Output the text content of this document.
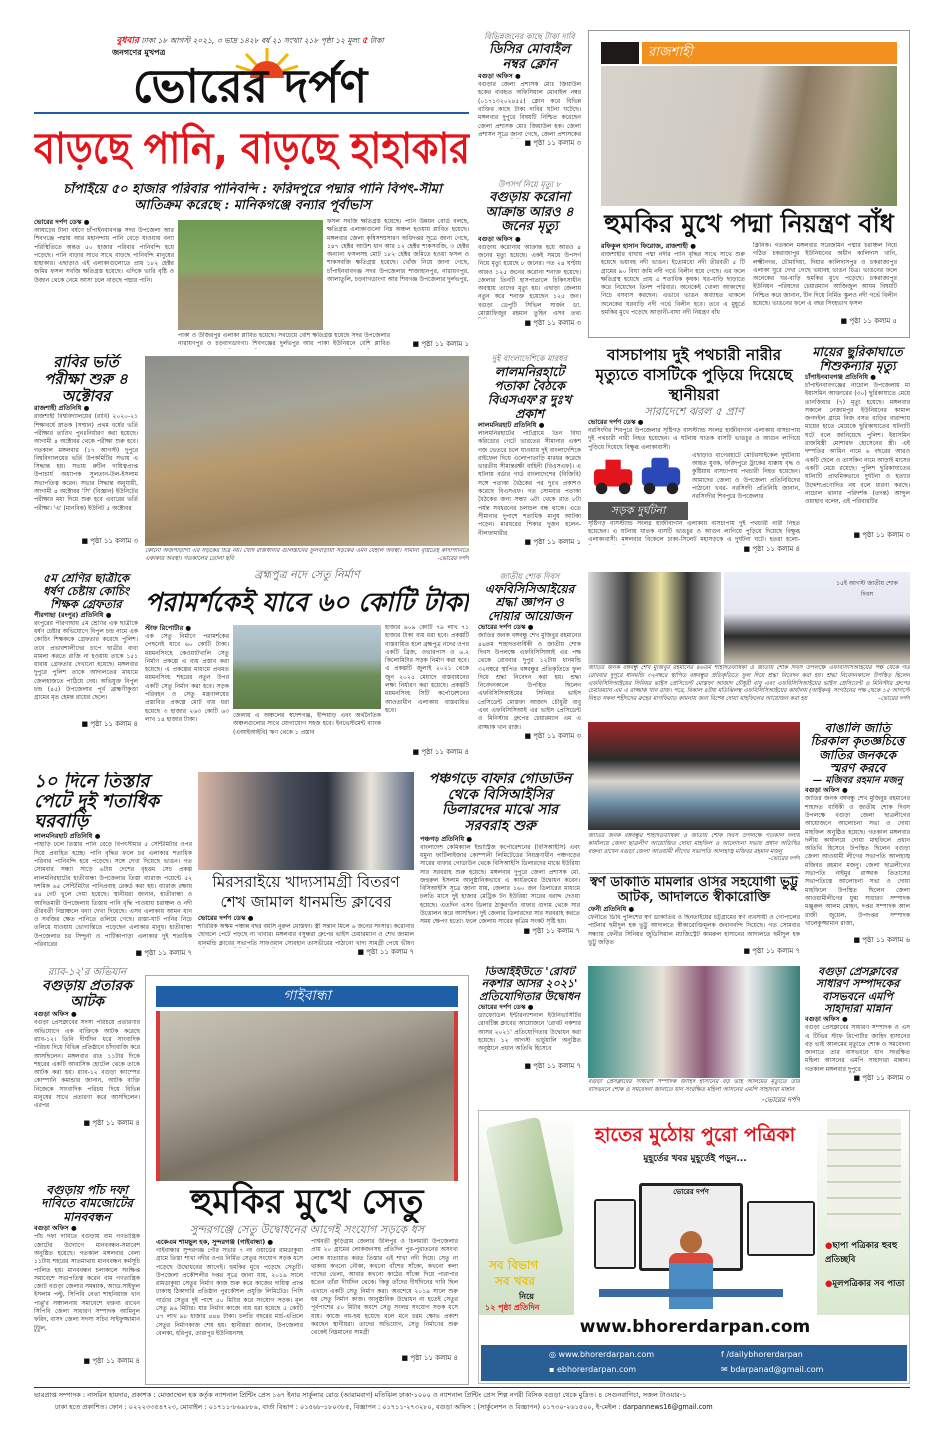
বুধবার ঢাকা ১৮ আগস্ট ২০২১, ৩ ভাদ্র ১৪২৮ বর্ষ ২১ সংখ্যা ২১৮ পৃষ্ঠা ১২ মূল্য ৫ টাকা
জনগণের মুখপত্র
ভোরের দর্পণ
বাড়ছে পানি, বাড়ছে হাহাকার
চাঁপাইয়ে ৫০ হাজার পরিবার পানিবন্দি : ফরিদপুরে পদ্মার পানি বিপৎ-সীমা আতিক্রম করেছে : মানিকগঞ্জে বন্যার পূর্বাভাস
ভোরের দর্পণ ডেস্ক ●
আষাঢ়ের টানা বর্ষণে চাঁপাইনবাবগঞ্জ সদর উপজেলা আর শিবগঞ্জে পদ্মায় আর মহানন্দায় পানি বেড়ে যাওয়ায় বন্যা পরিস্থিতিতে অন্তত ৫০ হাজার পরিবার পানিবন্দি হয়ে পড়েছে। পানি বাড়ার সাথে সাথে বাড়ছে পানিবন্দি মানুষের হাহাকার। এছাড়াও এই এলাকাগুলোতে প্রায় ১৮২ হেক্টর জমির ফসল সবজি ক্ষতিগ্রস্ত হয়েছে। এদিকে ভারি বৃষ্টি ও উজান থেকে নেমে আসা ঢলে বাড়ছে পদ্মার পানি।
ফসল সবজি ক্ষতিগ্রস্ত হয়েছে। পানি উন্নয়ন বোর্ড বলছে, ক্ষতিগ্রস্ত এলাকাগুলো নিম্ন অঞ্চল হওয়ায় প্লাবিত হয়েছে। মঙ্গলবার জেলা কৃষিসম্প্রসারণ অধিদপ্তর সূত্রে জানা গেছে, ১৪৭ হেক্টর আউশ ধান আর ১২ হেক্টর শাকসবজি, ৩ হেক্টর অন্যান্য ফসলসহ মোট ১৮২ হেক্টর জমিতে হওয়া ফসল ও শাকসবজি ক্ষতিগ্রস্ত হয়েছে। খোঁজ নিয়ে জানা গেছে, চাঁপাইনবাবগঞ্জ সদর উপজেলার শাজাহানপুর, নারায়ণপুর, আলাতুলি, চড়বাগডাংগা আর শিবগঞ্জ উপজেলার দুর্লভপুর,
পাকা ও উজিরপুর এলাকা প্লাবিত হয়েছে। সবচেয়ে বেশি ক্ষতিগ্রস্ত হয়েছে সদর উপজেলার নারায়ণপুর ও চড়বাগডাংগা। শিবগঞ্জের দুর্লভপুর আর পাকা ইউনিয়নে বেশি প্লাবিত	■ পৃষ্ঠা ১১ কলাম ১
রাবির ভর্তি পরীক্ষা শুরু ৪ অক্টোবর
রাজশাহী প্রতিনিধি ●
রাজশাহী বিশ্ববিদ্যালয়ের (রাবি) ২০২০-২১ শিক্ষাবর্ষে স্নাতক (সম্মান) প্রথম বর্ষের ভর্তি পরীক্ষার তারিখ পুনঃনির্ধারণ করা হয়েছে। আগামী ৪ অক্টোবর থেকে পরীক্ষা শুরু হবে। গতকাল মঙ্গলবার (১৭ আগস্ট) দুপুরে বিশ্ববিদ্যালয়ের ভর্তি উপকমিটির সভায় এ সিদ্ধান্ত হয়। সভায় রুটিন দায়িত্বপ্রাপ্ত উপাচার্য অধ্যাপক সুলতান-উল-ইসলাম সভাপতিত্ব করেন। সভার সিদ্ধান্ত অনুযায়ী, আগামী ৪ অক্টোবর 'সি' (বিজ্ঞান) ইউনিটের পরীক্ষার মধ্য দিয়ে শুরু হবে এবারের ভর্তি পরীক্ষা। 'এ' (মানবিক) ইউনিট ৫ অক্টোবর
■ পৃষ্ঠা ১১ কলাম ৩
কোনো অজপাড়াগাঁ এঁর সড়কের চিত্র নয়। খোদ রাজধানীর গুলিস্তানের ফুলবাড়ীয়া সড়কের এমন বেহাল অবস্থা। সামান্য বৃষ্টিতেই কাদাপানিতে একাকার অবস্থা। গতকালের তোলা ছবি	-ভোরের দর্পণ
৫ম শ্রেণির ছাত্রীকে ধর্ষণ চেষ্টায় কোচিং শিক্ষক গ্রেফতার
পীরগাছা (রংপুর) প্রতিনিধি ●
রংপুরের পীরগাছায় ৫ম শ্রেণির এক ছাত্রীকে ধর্ষণ চেষ্টার অভিযোগে বিপুল চন্দ্র নামে এক কোচিং শিক্ষককে গ্রেফতার করেছে পুলিশ। তবে প্রভাবশালীদের চাপে ছাত্রীর বাবা মামলা করতে রাজি না হওয়ায় তাকে ১৫১ ধারায় গ্রেফতার দেখানো হয়েছে। মঙ্গলবার দুপুরে পুলিশ তাকে আদালতের মাধ্যমে জেলহাজতে পাঠিয়ে দেয়। অভিযুক্ত বিপুল চন্দ্র (৪৫) উপজেলার পূর্ব ব্রাহ্মণীকুণ্ডা গ্রামের মৃত হেমন্ত রায়ের ছেলে।
■ পৃষ্ঠা ১১ কলাম ৪
ব্রহ্মপুত্র নদে সেতু নির্মাণ
পরামর্শকেই যাবে ৬০ কোটি টাকা
স্টাফ রিপোর্টার ●
এক সেতু নির্মাণে পরামর্শকের পেছনেই যাবে ৬০ কোটি টাকা। ময়মনসিংহে কেওয়াটখালি সেতু নির্মাণ প্রকল্পে এ ব্যয় প্রস্তাব করা হয়েছে। এ প্রকল্পের মাধ্যমে প্রথমত ময়মনসিংহ শহরের নতুন উপর একটি সেতু নির্মাণ করা হবে। সড়ক পরিবহন ও সেতু মন্ত্রণালয়ের প্রস্তাবিত প্রকল্পে মোট ব্যয় ধরা হয়েছে ৩ হাজার ২৬৩ কোটি ৬৩ লাখ ১৪ হাজার টাকা।
জেলায় এ অঞ্চলের স্বদেশগঞ্জ, ইন্দিয়াড় এবং অর্থনৈতিক অঞ্চলগুলোর সাথে যোগাযোগ সহজ হবে। ইনভেস্টমেন্ট ব্যাংক (এআইআইবি) ঋণ থেকে ১ প্রস্তাব
হাজার ৯০৯ কোটি ৭৯ লাখ ৭১ হাজার টাকা ব্যয় ধরা হবে। প্রকল্পটি বাস্তবায়িত হলে ব্রহ্মপুত্র নদের ওপর একটি ব্রিজ, ওভারপাস ও ৬.২ কিলোমিটার সড়ক নির্মাণ করা হবে। এ প্রকল্পটি জুলাই ২০২১ থেকে জুন ২০২৫ মেয়াদে বাস্তবায়নের লক্ষ্য নির্ধারণ করা হয়েছে। প্রকল্পটি ময়মনসিংহ সিটি কর্পোরেশনের আওতাধীন এলাকায় বাস্তবায়িত হবে।
■ পৃষ্ঠা ১১ কলাম ৪
১০ দিনে তিস্তার পেটে দুই শতাধিক ঘরবাড়ি
লালমনিরহাট প্রতিনিধি ●
পাহাড়ি ঢলে তিস্তার পানি বেড়ে বিপৎসীমার ৫ সেন্টিমিটার ওপর দিয়ে প্রবাহিত হচ্ছে। পানি বৃদ্ধির ফলে চর এলাকার শতাধিক পরিবার পানিবন্দি হয়ে পড়েছে। সঙ্গে দেখা দিয়েছে ভাঙন। গত সোমবার সন্ধ্যা সাড়ে ৬টায় দেশের বৃহত্তম সেচ প্রকল্প লালমনিরহাটের হাতীবান্ধা উপজেলার তিস্তা ব্যারাজ পয়েন্টে ৫২ দশমিক ৬৫ সেন্টিমিটার পানিপ্রবাহ রেকর্ড করা হয়। ব্যারাজ রক্ষায় ৪৪ গেট খুলে দেয়া হয়েছে। স্থানীয়রা জানান, হাতীবান্ধা ও আদিতমারী উপজেলায় তিস্তায় পানি বৃদ্ধি পাওয়ায় চরাঞ্চল ও নদী তীরবর্তী নিম্নাঞ্চলে বন্যা দেখা দিয়েছে। এসব এলাকায় আমন ধান ও সবজির ক্ষেত পানিতে তলিয়ে গেছে। রাস্তা-ঘাট পানির নিচে তলিয়ে যাওয়ায় ভোগান্তিতে পড়েছেন এলাকার মানুষ। হাতীবান্ধা উপজেলার চর সিন্দুর্না ও পাটিকাপাড়া এলাকার দুই শতাধিক পরিবারের
■ পৃষ্ঠা ১১ কলাম ৭
মিরসরাইয়ে খাদ্যসামগ্রী বিতরণ শেখ জামাল ধানমন্ডি ক্লাবের
ভোরের দর্পণ ডেস্ক ●
শারিরিক অক্ষম পঞ্চান্ন বছর বয়সি নুরুল মোস্তফা। স্ত্রী সন্তান মিলে ৬ জনের সংসার। করোনার ছোবলে পেটে পড়ছে না খাবার। মঙ্গলবার বসুন্ধরা গ্রুপের ভাইস চেয়ারম্যান ও শেখ জামাল ধানমন্ডি ক্লাবের সভাপতি সাফওয়ান সোবহান তাসভীরের পাঠানো খাদ্য সামগ্রী পেয়ে ভীষণ
■ পৃষ্ঠা ১১ কলাম ৭
পঞ্চগড়ে বাফার গোডাউন থেকে বিসিআইসির ডিলারদের মাঝে সার সরবরাহ শুরু
পঞ্চগড় প্রতিনিধি ●
বাংলাদেশ কেমিক্যাল ইন্ডাস্ট্রিজ কর্পোরেশনের (বিসিআইসি) এবং যমুনা ফার্টিলাইজার কোম্পানী লিমিটেডের নিয়ন্ত্রণাধীন পঞ্চগড়ের সারের বাফার গোডাউন থেকে বিসিআইসি ডিলারদের মাঝে ইউরিয়া সার সরবরাহ শুরু হয়েছে। মঙ্গলবার দুপুরে জেলা প্রশাসক মো. জহুরুল ইসলাম আনুষ্ঠানিকভাবে এ কার্যক্রমের উদ্বোধন করেন। বিসিআইসি সূত্রে জানা যায়, জেলার ১৬০ জন ডিলারের মাধ্যমে চলতি মাসে দুই হাজার মেট্রিক টন ইউরিয়া সারের বরাদ্দ দেওয়া হয়েছে। এতদিন এসব ডিলার ঠাকুরগাঁও বাফার গুদাম থেকে সার উত্তোলন করে আসছিল। দুই জেলার ডিলারদের সার সরবরাহ করতে সময় ক্ষেপণ হতো। ফলে জেলায় সারের কৃত্রিম সংকট সৃষ্টি হয়।
■ পৃষ্ঠা ১১ কলাম ৭
র‌্যাব-১২'র অভিযান
বগুড়ায় প্রতারক আটক
বগুড়া অফিস ●
বগুড়া প্রেসক্লাবের সদস্য পরিচয়ে প্রতারণার অভিযোগে এক ব্যক্তিকে আটক করেছে র‌্যাব-১২। তিনি দীর্ঘদিন ধরে সাংবাদিক পরিচয় দিয়ে বিভিন্ন প্রতিষ্ঠানে চাঁদাবাজি করে আসছিলেন। মঙ্গলবার রাত ১১টার দিকে শহরের একটি আবাসিক হোটেল থেকে তাকে আটক করা হয়। র‌্যাব-১২ বগুড়া ক্যাম্পের কোম্পানি কমান্ডার জানান, আটক ব্যক্তি নিজেকে সাংবাদিক পরিচয় দিয়ে বিভিন্ন মানুষের সাথে প্রতারণা করে আসছিলেন। এরপর
■ পৃষ্ঠা ১১ কলাম ৪
বগুড়ায় পাঁচ দফা দাবিতে বামজোটের মানববন্ধন
বগুড়া অফিস ●
পাঁচ দফা দাবিতে বগুড়ায় বাম গণতান্ত্রিক জোটের উদ্যোগে মানববন্ধন-সমাবেশ অনুষ্ঠিত হয়েছে। গতকাল মঙ্গলবার বেলা ১১টায় শহরের সাতমাথায় মানববন্ধন কর্মসূচি পালিত হয়। মানববন্ধন চলাকালে সংক্ষিপ্ত সমাবেশে সভাপতিত্ব করেন বাম গণতান্ত্রিক জোট বগুড়া জেলার সমন্বয়ক, অ্যাড.সাইফুল ইসলাম পল্টু, সিপিবি নেতা শাহনিয়াজ খান পাপ্পু'র সঞ্চালনায় সমাবেশে বক্তব্য রাখেন সিপিবি জেলা সাধারণ সম্পাদক আমিনুল ফরিদ, বাসদ জেলা সদস্য সচিব সাইফুজ্জামান টুটুল,
■ পৃষ্ঠা ১১ কলাম ৪
গাইবান্ধা
হুমকির মুখে সেতু
সুন্দরগঞ্জে সেতু উদ্বোধনের আগেই সংযোগ সড়কে ধস
একেএম শামছুল হক, সুন্দরগঞ্জ (গাইবান্ধা) ●
গাইবান্ধার সুন্দরগঞ্জ পৌর সভার ৭ নং ওয়ার্ডের রামডাকুয়া গ্রামে তিস্তা শাখা নদীর ওপর নির্মিত সেতুর সংযোগ সড়ক ধসে পড়েছে উদ্বোধনের আগেই। হুমকির মুখে পড়েছে সেতুটি। উপজেলা প্রকৌশলীর দপ্তর সূত্রে জানা যায়, ২০১৯ সালে রামডাকুয়া সেতুর নির্মাণ কাজ শুরু করে কাজের দায়িত্ব প্রাপ্ত ঢাকাস্থ ঠিকাদারি প্রতিষ্ঠান পুরকৌশল প্রযুক্তি লিমিটেড। পিসি গার্ডার সেতুর দুই পাশে ৫০ মিটার করে সংযোগ সড়ক। মূল সেতু ৯৬ মিটার। যার নির্মাণ কাজে ব্যয় ধরা হয়েছে ৫ কোটি ৫৭ লাখ ৯৮ হাজার ৪৪৪ টাকা। চলতি বছরের মার্চ-এপ্রিলে সেতুর নির্মাণকাজ শেষ হয়। স্থানীয়রা জানান, উপজেলার বেলকা, হরিপুর, তারাপুর ইউনিয়নসহ
পার্শ্ববর্তী কুড়িগ্রাম জেলার উলিপুর ও চিলমারী উপজেলার প্রায় ২০ গ্রামের লোকজনসহ প্রতিদিন পুর-পুরাতনের অসংখ্য লোক যাতায়াত করত তিস্তার এই শাখা নদী দিয়ে। সেতু না থাকায় কখনো নৌকা, কখনো বাঁশের সাঁকো, কখনো কলা গাছের ভেলা, আবার কখনো কাঠের সাঁকো দিয়ে পারাপার হতেন তাঁরা দীর্ঘদিন থেকে। কিন্তু তাঁদের দীর্ঘদিনের দাবি ছিল এখানে একটি সেতু নির্মাণ করা। অবশেষে ২০১৯ সালে শুরু হয় সেতু নির্মাণ কাজ। আনুষ্ঠানিক উদ্বোধন না হতেই সেতুর পূর্বপাশের ৫০ মিটার অংশে সেতু সংলগ্ন সংযোগ সড়ক ধসে যায়। কাজে নয়-ছয় হয়েছে বলে মনে চরম ক্ষোভ প্রকাশ করছেন স্থানীয়রা। তাদের অভিযোগ, সেতু নির্মাণের শুরু থেকেই নিম্নমানের সামগ্রী
■ পৃষ্ঠা ১১ কলাম ৪
বিভিন্নজনের কাছে টাকা দাবি
ডিসির মোবাইল নম্বর ক্লোন
বগুড়া অফিস ●
বগুড়ার জেলা প্রশাসক মোঃ জিয়াউল হকের ব্যবহৃত অফিসিয়াল মোবাইল নম্বর (০১৭১৩২০২৪৫৫) ক্লোন করে বিভিন্ন ব্যক্তির কাছে টাকা দাবির ঘটনা ঘটেছে। মঙ্গলবার দুপুরে বিষয়টি নিশ্চিত করেছেন জেলা প্রশাসক মোঃ জিয়াউল হক। জেলা প্রশাসন সূত্রে জানা গেছে, জেলা প্রশাসকের
■ পৃষ্ঠা ১১ কলাম ৩
উপসর্গ নিয়ে মৃত্যু ৮
বগুড়ায় করোনা আক্রান্ত আরও ৪ জনের মৃত্যু
বগুড়া অফিস ●
বগুড়ায় করোনায় আক্রান্ত হয়ে আরও ৪ জনের মৃত্যু হয়েছে। একই সময়ে উপসর্গ নিয়ে মৃত্যু হয়েছে ৮ জনের। গত ২৪ ঘণ্টায় আরও ১২৫ জনের করোনা শনাক্ত হয়েছে। জেলার তিনটি হাসপাতালে চিকিৎসাধীন অবস্থায় তাদের মৃত্যু হয়। এছাড়া জেলায় নতুন করে শনাক্ত হয়েছেন ১২৫ জন। বগুড়া ডেপুটি সিভিল সার্জন ডা. মোস্তাফিজুর রহমান তুহিন এসব তথ্য
■ পৃষ্ঠা ১১ কলাম ৩
দুই বাংলাদেশিকে মারধর
লালমনিরহাটে পতাকা বৈঠকে বিএসএফ'র দুঃখ প্রকাশ
লালমনিরহাট প্রতিনিধি ●
লালমনিরহাটের পাটগ্রামে তিন বিঘা করিডোর গেটে ভারতের সীমানার একশ গজ ভেতরে চলে যাওয়ায় দুই বাংলাদেশিকে রাইফেল দিয়ে এলোপাতাড়ি মারধর করেছে ভারতীয় সীমান্তরক্ষী বাহিনী (বিএসএফ)। এ ঘটনায় বর্ডার গার্ড বাংলাদেশের (বিজিবি) সঙ্গে পতাকা বৈঠকের পর দুঃখ প্রকাশও করেছে বিএসএফ। গত সোমবার পতাকা বৈঠকের জন্য সন্ধ্যা ৬টা থেকে রাত ৮টা পর্যন্ত সবধরনের চলাচল বন্ধ থাকে। এতে সীমানার দুপাশে শতাধিক মানুষ আটকা পড়েন। মারধরের শিকার দুজন হলেন- নীলফামারীর
■ পৃষ্ঠা ১১ কলাম ১
জাতীয় শোক দিবস
এফবিসিসিআইয়ের শ্রদ্ধা জ্ঞাপন ও দোয়ার আয়োজন
ভোরের দর্পণ ডেস্ক ●
জাতির জনক বঙ্গবন্ধু শেখ মুজিবুর রহমানের ৪৬তম শাহাদতবার্ষিকী ও জাতীয় শোক দিবস উপলক্ষে এফবিসিসিআই এর পক্ষ থেকে রোববার দুপুর ১২টায় ধানমন্ডি ৩২নম্বরে স্থাপিত বঙ্গবন্ধুর প্রতিকৃতিতে ফুল দিয়ে শ্রদ্ধা নিবেদন করা হয়। শ্রদ্ধা নিবেদনকালে উপস্থিত ছিলেন এফবিসিসিআইয়ের সিনিয়র ভাইস প্রেসিডেন্ট মোস্তফা আজাদ চৌধুরী বাবু এবং এফবিসিসিআই এর ভাইস প্রেসিডেন্ট ও মিনিস্টার গ্রুপের চেয়ারম্যান এম এ রাজ্জাক খান রাজ।
■ পৃষ্ঠা ১১ কলাম ৩
ডিআইইউতে 'রোবট নকশার আসর ২০২১' প্রতিযোগিতার উদ্বোধন
ভোরের দর্পণ ডেস্ক ●
ড্যাফোডিল ইন্টারন্যাশনাল ইউনিভার্সিটির রোবটিক্স ক্লাবের আয়োজনে 'রোবট নকশার আসর ২০২১' প্রতিযোগিতার উদ্বোধন করা হয়েছে। ১২ আগস্ট ভার্চুয়ালি অনুষ্ঠিত অনুষ্ঠানে প্রধান অতিথি হিসেবে
■ পৃষ্ঠা ১১ কলাম ৭
রাজশাহী
হুমকির মুখে পদ্মা নিয়ন্ত্রণ বাঁধ
রফিকুল হাসান ফিরোজ, রাজশাহী ●
রাজশাহীর বাঘায় পদ্মা নদীর পানি বৃদ্ধির সাথে সাথে শুরু হয়েছে ভয়াবহ নদী ভাঙন। ইতোমধ্যে নদী তীরবর্তী ৫ টি গ্রামের ৯০ বিঘা জমি নদী গর্ভে বিলীন হয়ে গেছে। এর ফলে ক্ষতিগ্রস্থ হয়েছে প্রায় ৫ শতাধিক কৃষক। ঘর-বাড়ি ছাড়াতে করে নিয়েছেন তিনশ পরিবার। অনেকেই খোলা আকাশের নিচে বসবাস করছেন। এভাবে ভাঙন অব্যাহত থাকলে অনেকের ঘরবাড়ি নদী গর্ভে বিলীন হবে। তবে এ মুহূর্তে হুমকির মুখে পড়েছে আড়ানী-বাঘা নদী নিয়ন্ত্রণ বাঁধ
ক্লিনিক। গতকাল মঙ্গলবার সরেজমিন পদ্মার চরাঞ্চল নিয়ে গঠিত চকরাজাপুর ইউনিয়নের অধীন কালিদাস খানি, লক্ষ্মীনগর, চৌমাদিয়া, দিয়ার কালিদাসপুর ও চকরাজাপুর এলাকা ঘুরে দেখা গেছে ভয়াবহ ভাঙন চিত্র। ভাঙনের ফলে অনেকের ঘর-বাড়ি হুমকির মুখে পড়েছে। চকরাজাপুর ইউনিয়ন পরিষদের চেয়ারম্যান আজিজুল আযম বিষয়টি নিশ্চিত করে জানান, টিন দিয়ে নির্মিত স্কুলও নদী গর্ভে বিলীন হয়েছে। ভাঙনের ফলে এ বছর সিংহভাগ ফসল
■ পৃষ্ঠা ১১ কলাম ৫
বাসচাপায় দুই পথচারী নারীর মৃত্যুতে বাসটিকে পুড়িয়ে দিয়েছে স্থানীয়রা
সারাদেশে ঝরল ৫ প্রাণ
ভোরের দর্পণ ডেস্ক ●
নরসিংদীর শিবপুরে উপজেলার সৃষ্টিগড় বাসস্ট্যান্ড সংলগ্ন হাজীবাগান এলাকায় বাসচাপায় দুই পথচারী নারী নিহত হয়েছেন। এ ঘটনায় ঘাতক বাসটি ভাঙচুর ও আগুন লাগিয়ে পুড়িয়ে দিয়েছে বিক্ষুব্ধ এলাকাবাসী।
সড়ক দুর্ঘটনা
এছাড়াও বাগেরহাটে মোটরসাইকেল দুর্ঘটনায় আহত যুবক, ফরিদপুরে ট্রাকের ধাক্কায় বৃদ্ধ ও কুষ্টিয়ায় বাসচাপায় পথচারী নিহত হয়েছেন। আমাদের জেলা ও উপজেলা প্রতিনিধিদের পাঠানো খবর- নরসিংদী প্রতিনিধি জানান, নরসিংদীর শিবপুরে উপজেলার
সৃষ্টিগড় বাসস্ট্যান্ড সংলগ্ন হাজীবাগান এলাকায় বাসচাপায় দুই পথচারী নারী নিহত হয়েছেন। এ ঘটনায় ঘাতক বাসটি ভাঙচুর ও আগুন লাগিয়ে পুড়িয়ে দিয়েছে বিক্ষুব্ধ এলাকাবাসী। মঙ্গলবার বিকেলে ঢাকা-সিলেট মহাসড়কে এ দুর্ঘটনা ঘটে। হতরা হলো-
■ পৃষ্ঠা ১১ কলাম ৪
মায়ের ছুরিকাঘাতে শিশুকন্যার মৃত্যু
চাঁপাইনবাবগঞ্জ প্রতিনিধি ●
চাঁপাইনবাবগঞ্জের নাচোল উপজেলায় মা ইয়াসমিন আক্তারের (৩০) ছুরিকাঘাতে মেয়ে তানজিয়ার (৭) মৃত্যু হয়েছে। মঙ্গলবার সকালে নেজামপুর ইউনিয়নের কামাল জগদইল গ্রামে নিজ বসত বাড়ির বারান্দায় মায়ের হাতে মেয়েকে ছুরিকাঘাতের ঘটনাটি ঘটে বলে জানিয়েছে পুলিশ। ইয়াসমিন রাজমিস্ত্রী মোশারফ হোসেনের স্ত্রী। এই দম্পতির আমিন নামে ৬ বছরের আরও একটি ছেলে ও তাসকিন নামে আড়াই মাসের একটি মেয়ে রয়েছে। পুলিশ ছুরিকাঘাতের ঘটনাটি প্রাথমিকভাবে দুর্ঘটনা ও হত্যার উদ্দেশ্যপ্রণোদিত নয় বলে ধারণা করছে। নাচোল থানার পরিদর্শক (তদন্ত) আব্দুল ওয়াহাব বলেন, এই পরিবারটির
■ পৃষ্ঠা ১১ কলাম ৩
১৫ই আগস্ট জাতীয় শোক দিবস
জাতির জনক বঙ্গবন্ধু শেখ মুজিবুর রহমানের ৪৬তম শাহাদতবার্ষিকী ও জাতীয় শোক দিবস উপলক্ষে এফবিসিসিআইয়ের পক্ষ থেকে গত রোববার দুপুরে ধানমন্ডি ৩২নম্বরে স্থাপিত বঙ্গবন্ধুর প্রতিকৃতিতে ফুল দিয়ে শ্রদ্ধা নিবেদন করা হয়। শ্রদ্ধা নিবেদনকালে উপস্থিত ছিলেন এফবিসিসিআইয়ের সিনিয়র ভাইস প্রেসিডেন্ট মোস্তফা আজাদ চৌধুরী বাবু এবং এফবিসিসিআইয়ের ভাইস প্রেসিডেন্ট ও মিনিস্টার গ্রুপের চেয়ারম্যান এম এ রাজ্জাক খান রাজ। পরে, বিকাল ৪টায় মতিঝিলস্থ এফবিসিসিআইয়ের কার্যালয় (আইকন) সংগঠনের পক্ষ থেকে ১৫ আগস্টে নিহত সকল শহীদদের রুহের মাগফিরাত কামনায় জন্য বিশেষ দোয়া মাহফিলের আয়োজন করা হয়	-ভোরের দর্পণ
জাতির জনক বঙ্গবন্ধুর শাহাদতবার্ষিকী ও জাতীয় শোক দিবস উপলক্ষে গতকাল দলীয় কার্যালয়ে জেলা ছাত্রলীগ আয়োজিত দোয়া মাহফিল ও আলোচনা সভায় প্রধান অতিথির বক্তব্য রাখেন বগুড়া জেলা আওয়ামী লীগের সভাপতি আলহাজ্ব মজিবর রহমান মজনু
-ভোরের দর্পণ
স্বর্ণ ডাকাতি মামলার ওসির সহযোগী ভুট্টু আটক, আদালতে স্বীকারোক্তি
ফেনী প্রতিনিধি ●
ফেনীতে ডিবি পুলিশের স্বর্ণ ডাকাতির ও ছিনতাইয়ের চট্টগ্রামের স্বর্ণ ব্যবসায়ী ও গোপালের পার্টনার ছমীদুল হক ভুট্টু আদালতে স্বীকারোক্তিমূলক জবানবন্দি দিয়েছে। গত সোমবার সন্ধ্যায় ফেনীর সিনিয়র জুডিসিয়াল ম্যাজিস্ট্রেট কামরুল হাসানের আদালতে ছমীদুল হক ভুট্টু জড়িত
■ পৃষ্ঠা ১১ কলাম ৭
বাঙালি জাতি চিরকাল কৃতজ্ঞচিত্তে জাতির জনককে স্মরণ করবে
— মজিবর রহমান মজনু
বগুড়া অফিস ●
জাতির জনক বঙ্গবন্ধু শেখ মুজিবুর রহমানের শাহাদত বার্ষিকী ও জাতীয় শোক দিবস উপলক্ষে বগুড়া জেলা ছাত্রলীগের আয়োজনে আলোচনা সভা ও দোয়া মাহফিল অনুষ্ঠিত হয়েছে। গতকাল মঙ্গলবার দলীয় কার্যালয়ে দোয়া মাহফিলে প্রধান অতিথি হিসেবে উপস্থিত ছিলেন বগুড়া জেলা আওয়ামী লীগের সভাপতি আলহাজ্ব মজিবর রহমান মজনু। জেলা ছাত্রলীগের সভাপতি নাইমুর রাজ্জাক তিতাসের সভাপতিত্বে আলোচনা সভা ও দোয়া মাহফিলে উপস্থিত ছিলেন জেলা আওয়ামীলীগের যুগ্ম সাধারণ সম্পাদক মঞ্জুরুল আলম মোহন, দপ্তর সম্পাদক আল রাজী জুয়েল, উপদপ্তর সম্পাদক খালেকুজ্জামান রাজা,
■ পৃষ্ঠা ১১ কলাম ৬
বগুড়া প্রেসক্লাবের সাধারণ সম্পাদক জাহিদ হাসানের বড় ভাই আলমের মৃত্যুতে তার বাসভবনে শোক ও সমবেদনা জানাতে যান সংরক্ষিত মহিলা আসনের এমপি সাহাদারা মান্নান
-ভোরের দর্পণ
বগুড়া প্রেসক্লাবের সাধারণ সম্পাদকের বাসভবনে এমপি সাহাদারা মান্নান
বগুড়া অফিস ●
বগুড়া প্রেসক্লাবের সাধারণ সম্পাদক ও এস এ টিভির স্টাফ রিপোর্টার জাহিদ হাসানের বড় ভাই আলমের মৃত্যুতে শোক ও সমবেদনা জানাতে তার বাসভবনে যান সংরক্ষিত মহিলা আসনের এমপি সাহাদারা মান্নান। গতকাল মঙ্গলবার দুপুরে
■ পৃষ্ঠা ১১ কলাম ৩
সব বিভাগ
সব খবর
নিয়ে
১২ পৃষ্ঠা প্রতিদিন
হাতের মুঠোয় পুরো পত্রিকা
মুহূর্তের খবর মুহূর্তেই পড়ুন...
ভোরের দর্পণ
●ছাপা পত্রিকার হুবহু প্রতিচ্ছবি
●মূলপত্রিকার সব পাতা
www.bhorerdarpan.com
◎ www.bhorerdarpan.com
▪ ebhorerdarpan.com
f /dailybhorerdarpan
✉ bdarpanad@gmail.com
ভারপ্রাপ্ত সম্পাদক : নাসরিন হায়দার, প্রকাশক : মোজাম্মেল হক কর্তৃক ন্যাশনাল প্রিন্টিং প্রেস ১৬৭ ইনার সার্কুলার রোড (আরামবাগ) মতিঝিল ঢাকা-১০০০ ও ন্যাশনাল প্রিন্টিং প্রেস শিল্প নগরী বিসিক বগুড়া থেকে মুদ্রিত। ৪ সেগুনবাগিচা, সজল টাওয়ার-১
ঢাকা হতে প্রকাশিত। ফোন : ০২২২৩৩৫৪৭২৩, মোবাইল : ০১৭১১-৮৬৯৮৮৯, বার্তা বিভাগ : ০১৫৬৮-১৮০৩৮৫, বিজ্ঞাপন : ০১৭১১-২৭৩২৮০, বগুড়া অফিস : (সার্কুলেশন ও বিজ্ঞাপন) ০১৭৩০-২৬১৫০০, ই-মেইল : darpannews16@gmail.com
